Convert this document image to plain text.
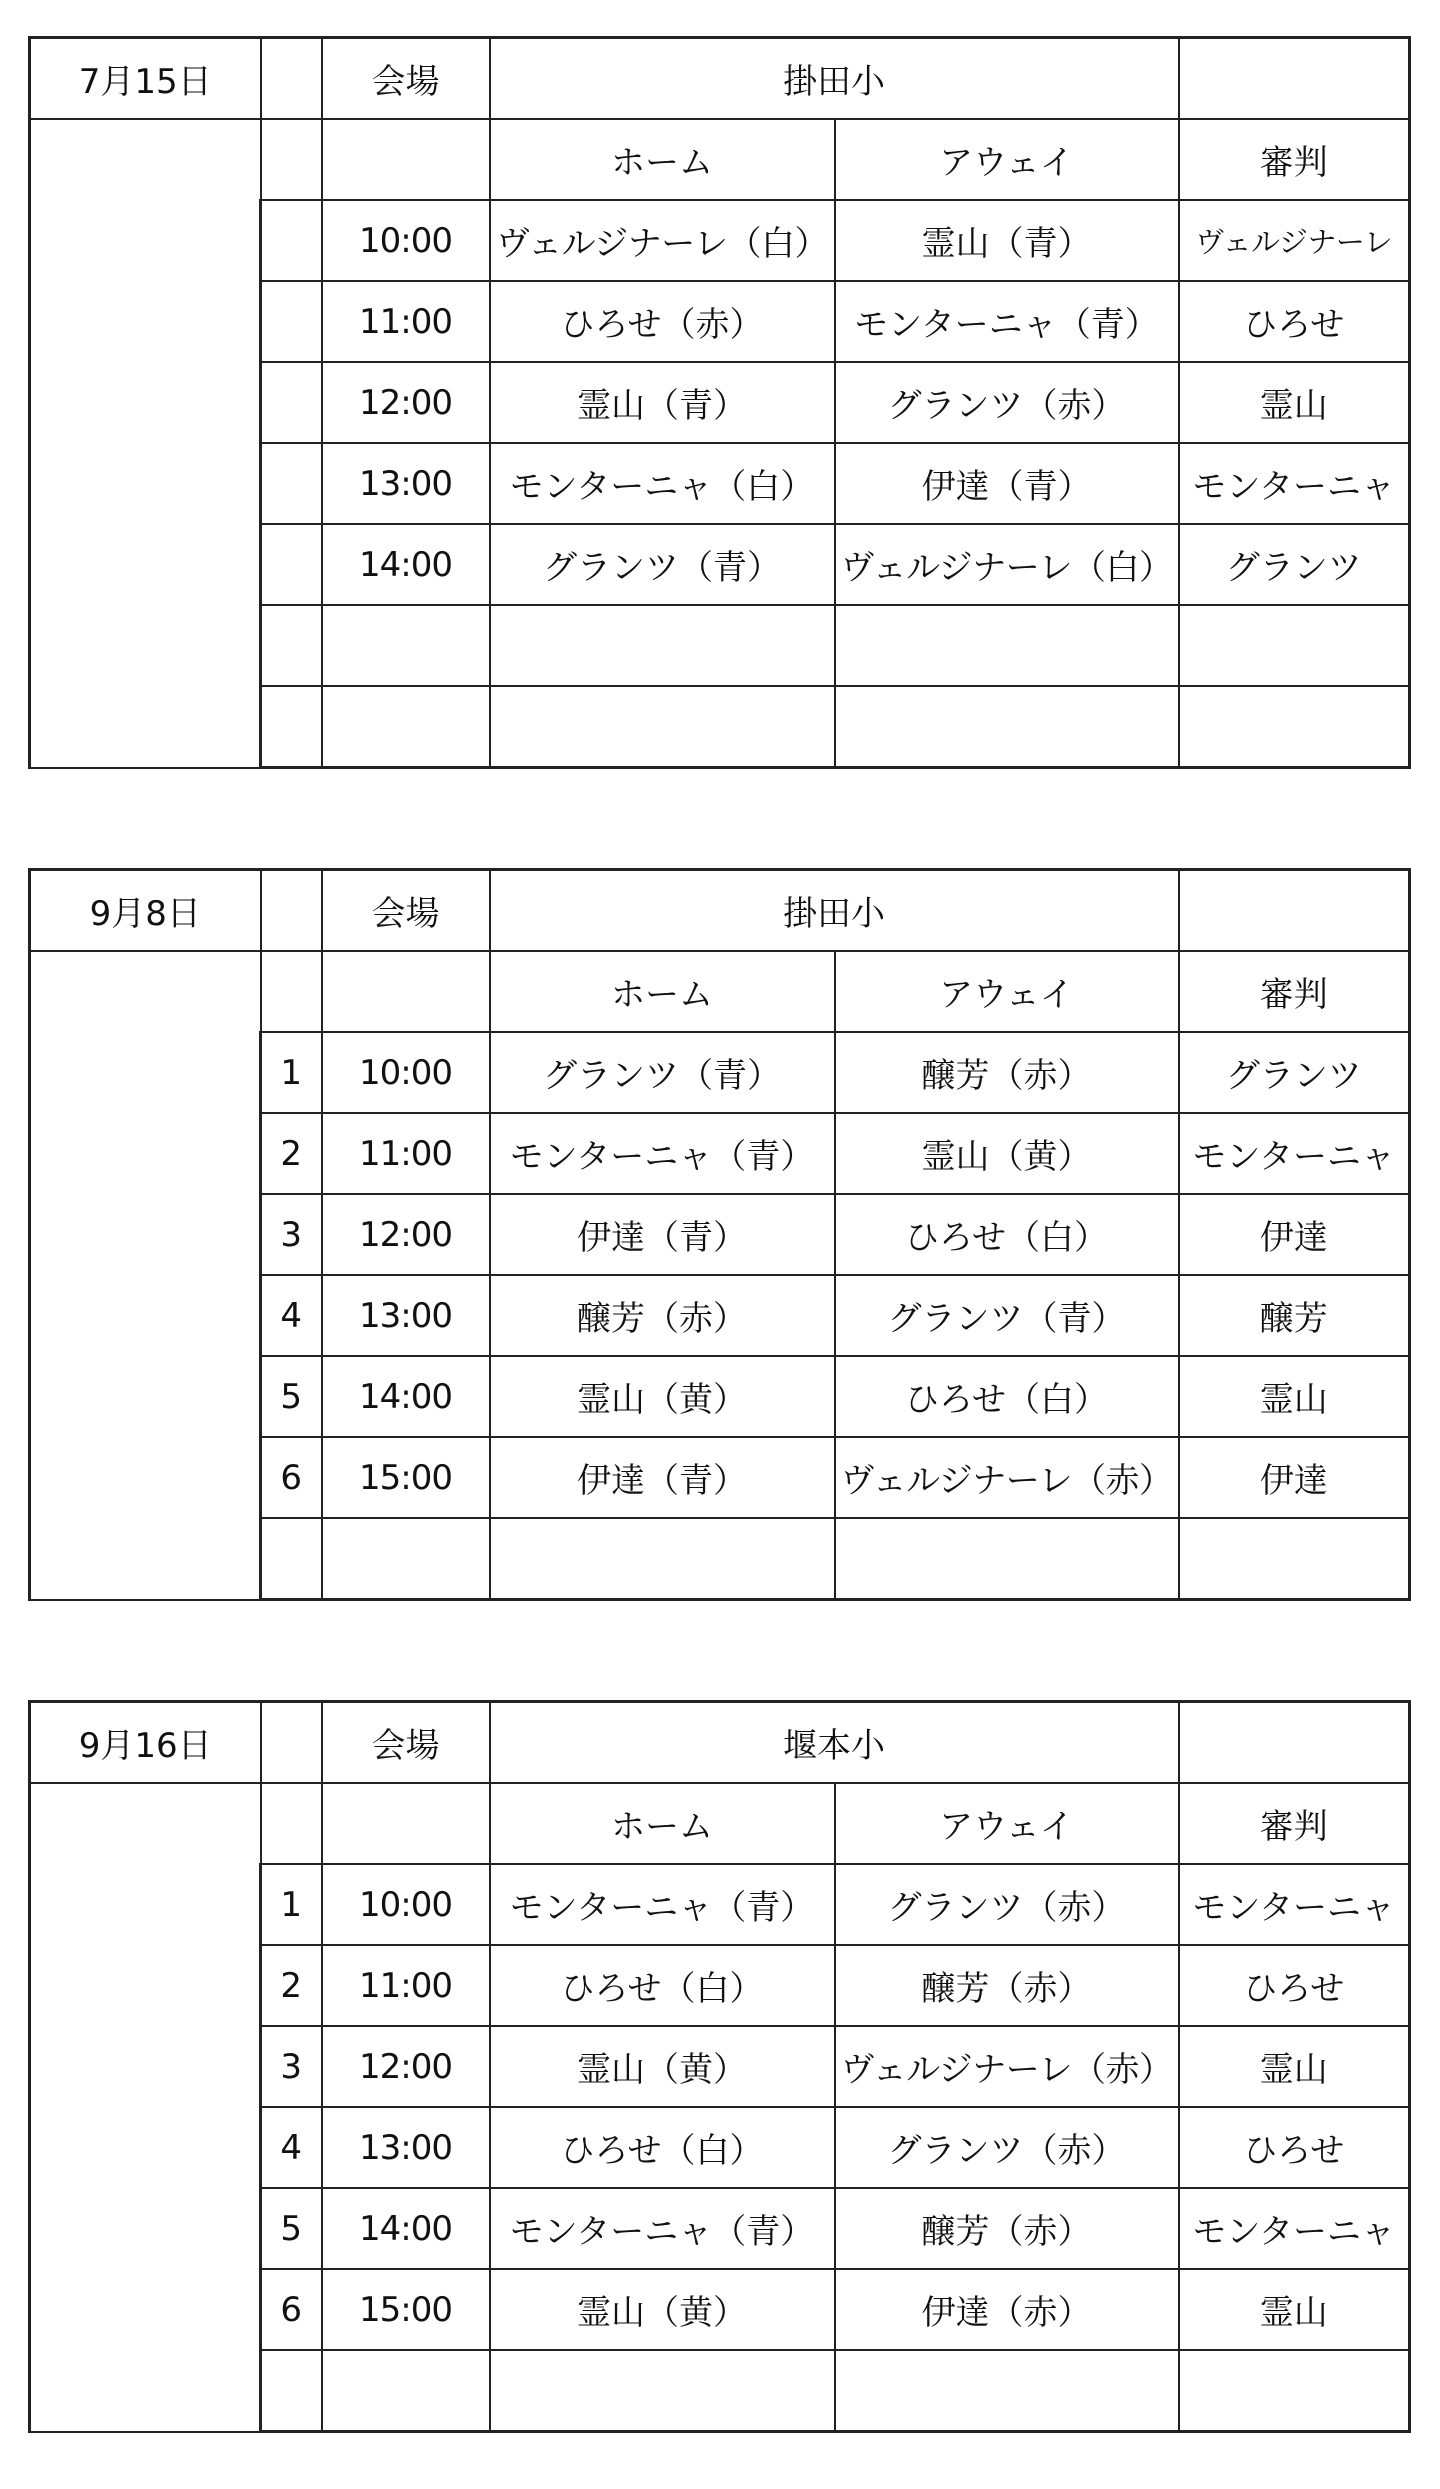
7月15日		会場	掛田小		
			ホーム	アウェイ	審判
		10:00	ヴェルジナーレ（白）	霊山（青）	ヴェルジナーレ
		11:00	ひろせ（赤）	モンターニャ（青）	ひろせ
		12:00	霊山（青）	グランツ（赤）	霊山
		13:00	モンターニャ（白）	伊達（青）	モンターニャ
		14:00	グランツ（青）	ヴェルジナーレ（白）	グランツ

9月8日		会場	掛田小		
			ホーム	アウェイ	審判
	1	10:00	グランツ（青）	醸芳（赤）	グランツ
	2	11:00	モンターニャ（青）	霊山（黄）	モンターニャ
	3	12:00	伊達（青）	ひろせ（白）	伊達
	4	13:00	醸芳（赤）	グランツ（青）	醸芳
	5	14:00	霊山（黄）	ひろせ（白）	霊山
	6	15:00	伊達（青）	ヴェルジナーレ（赤）	伊達

9月16日		会場	堰本小		
			ホーム	アウェイ	審判
	1	10:00	モンターニャ（青）	グランツ（赤）	モンターニャ
	2	11:00	ひろせ（白）	醸芳（赤）	ひろせ
	3	12:00	霊山（黄）	ヴェルジナーレ（赤）	霊山
	4	13:00	ひろせ（白）	グランツ（赤）	ひろせ
	5	14:00	モンターニャ（青）	醸芳（赤）	モンターニャ
	6	15:00	霊山（黄）	伊達（赤）	霊山
